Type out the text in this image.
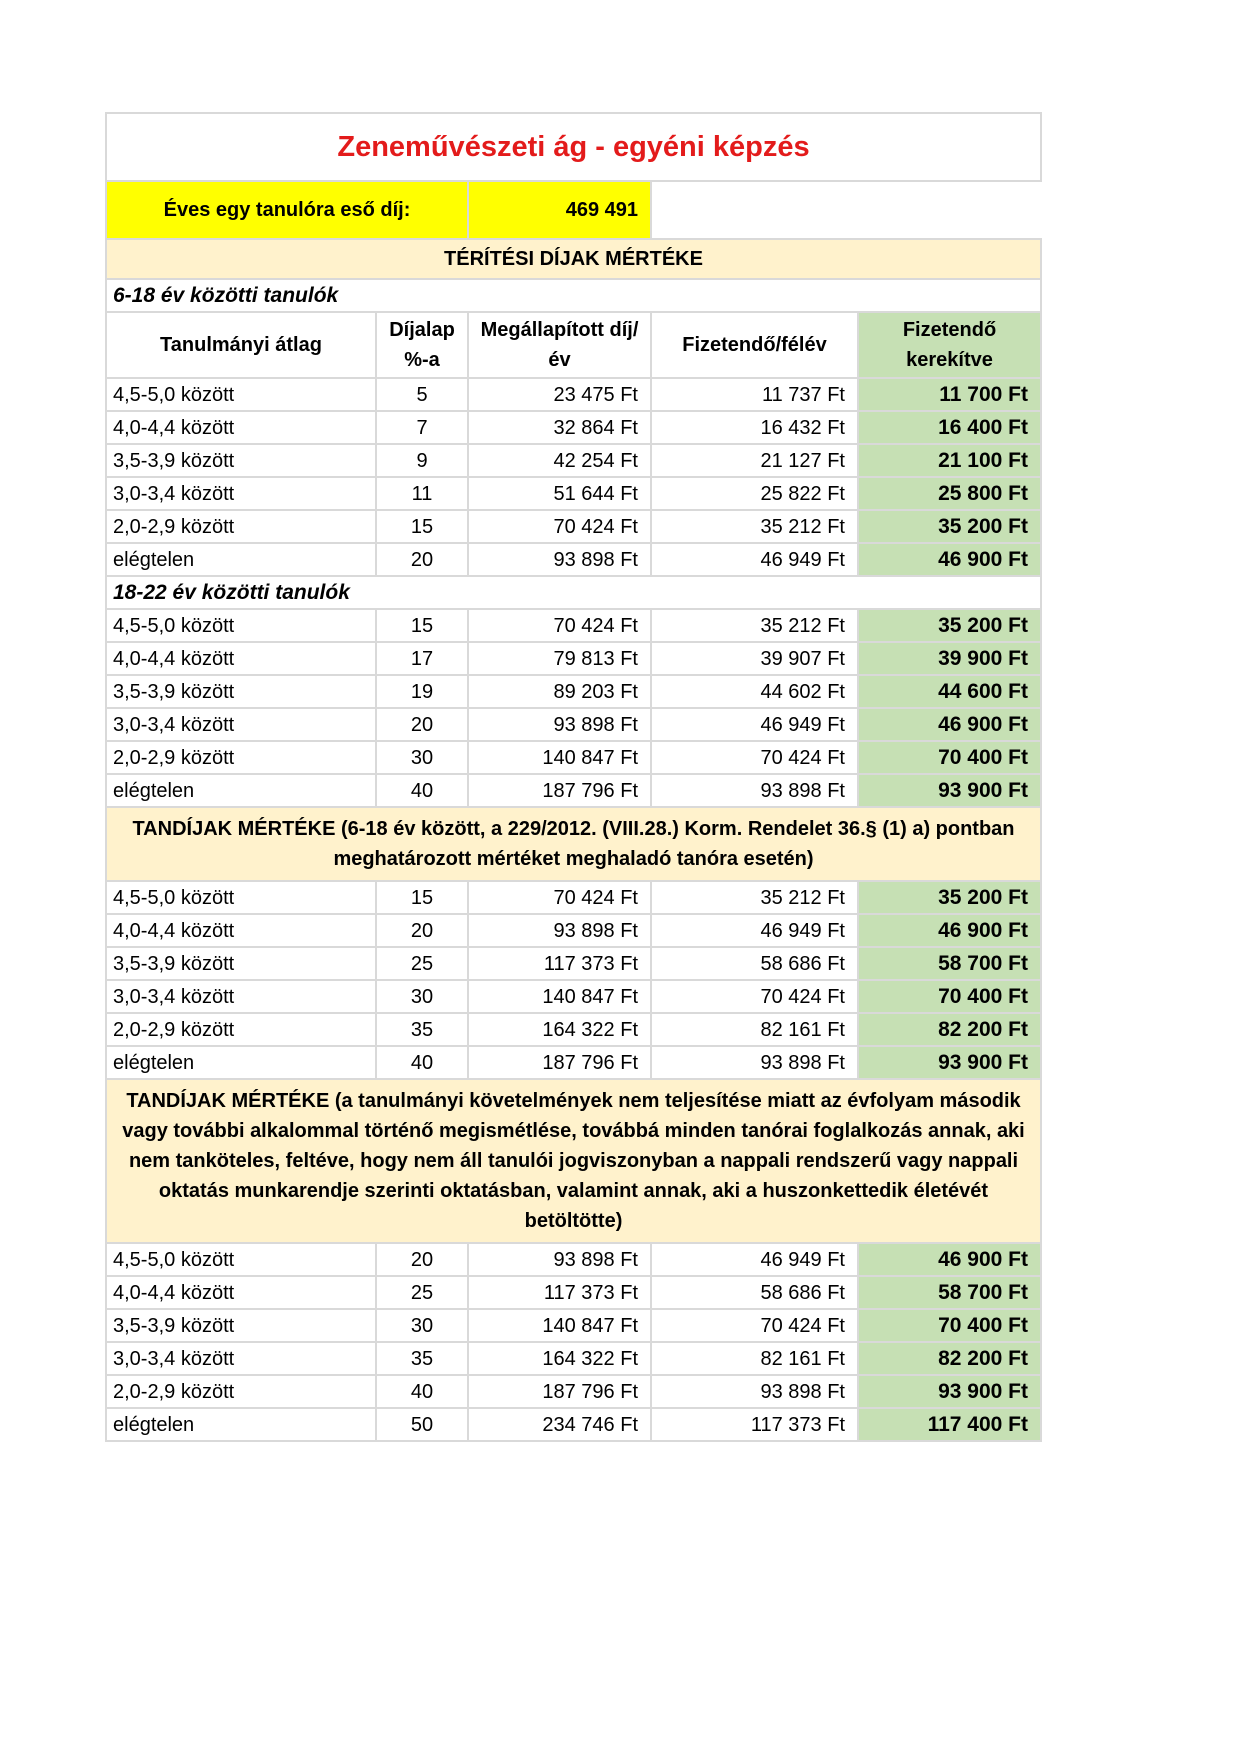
Zeneművészeti ág - egyéni képzés				
Éves egy tanulóra eső díj:		469 491		
TÉRÍTÉSI DÍJAK MÉRTÉKE				
6-18 év közötti tanulók				
Tanulmányi átlag	Díjalap %-a	Megállapított díj/év	Fizetendő/félév	Fizetendő kerekítve
4,5-5,0 között	5	23 475 Ft	11 737 Ft	11 700 Ft
4,0-4,4 között	7	32 864 Ft	16 432 Ft	16 400 Ft
3,5-3,9 között	9	42 254 Ft	21 127 Ft	21 100 Ft
3,0-3,4 között	11	51 644 Ft	25 822 Ft	25 800 Ft
2,0-2,9 között	15	70 424 Ft	35 212 Ft	35 200 Ft
elégtelen	20	93 898 Ft	46 949 Ft	46 900 Ft
18-22 év közötti tanulók				
4,5-5,0 között	15	70 424 Ft	35 212 Ft	35 200 Ft
4,0-4,4 között	17	79 813 Ft	39 907 Ft	39 900 Ft
3,5-3,9 között	19	89 203 Ft	44 602 Ft	44 600 Ft
3,0-3,4 között	20	93 898 Ft	46 949 Ft	46 900 Ft
2,0-2,9 között	30	140 847 Ft	70 424 Ft	70 400 Ft
elégtelen	40	187 796 Ft	93 898 Ft	93 900 Ft
TANDÍJAK MÉRTÉKE (6-18 év között, a 229/2012. (VIII.28.) Korm. Rendelet 36.§ (1) a) pontban meghatározott mértéket meghaladó tanóra esetén)				
4,5-5,0 között	15	70 424 Ft	35 212 Ft	35 200 Ft
4,0-4,4 között	20	93 898 Ft	46 949 Ft	46 900 Ft
3,5-3,9 között	25	117 373 Ft	58 686 Ft	58 700 Ft
3,0-3,4 között	30	140 847 Ft	70 424 Ft	70 400 Ft
2,0-2,9 között	35	164 322 Ft	82 161 Ft	82 200 Ft
elégtelen	40	187 796 Ft	93 898 Ft	93 900 Ft
TANDÍJAK MÉRTÉKE (a tanulmányi követelmények nem teljesítése miatt az évfolyam második vagy további alkalommal történő megismétlése, továbbá minden tanórai foglalkozás annak, aki nem tanköteles, feltéve, hogy nem áll tanulói jogviszonyban a nappali rendszerű vagy nappali oktatás munkarendje szerinti oktatásban, valamint annak, aki a huszonkettedik életévét betöltötte)				
4,5-5,0 között	20	93 898 Ft	46 949 Ft	46 900 Ft
4,0-4,4 között	25	117 373 Ft	58 686 Ft	58 700 Ft
3,5-3,9 között	30	140 847 Ft	70 424 Ft	70 400 Ft
3,0-3,4 között	35	164 322 Ft	82 161 Ft	82 200 Ft
2,0-2,9 között	40	187 796 Ft	93 898 Ft	93 900 Ft
elégtelen	50	234 746 Ft	117 373 Ft	117 400 Ft
